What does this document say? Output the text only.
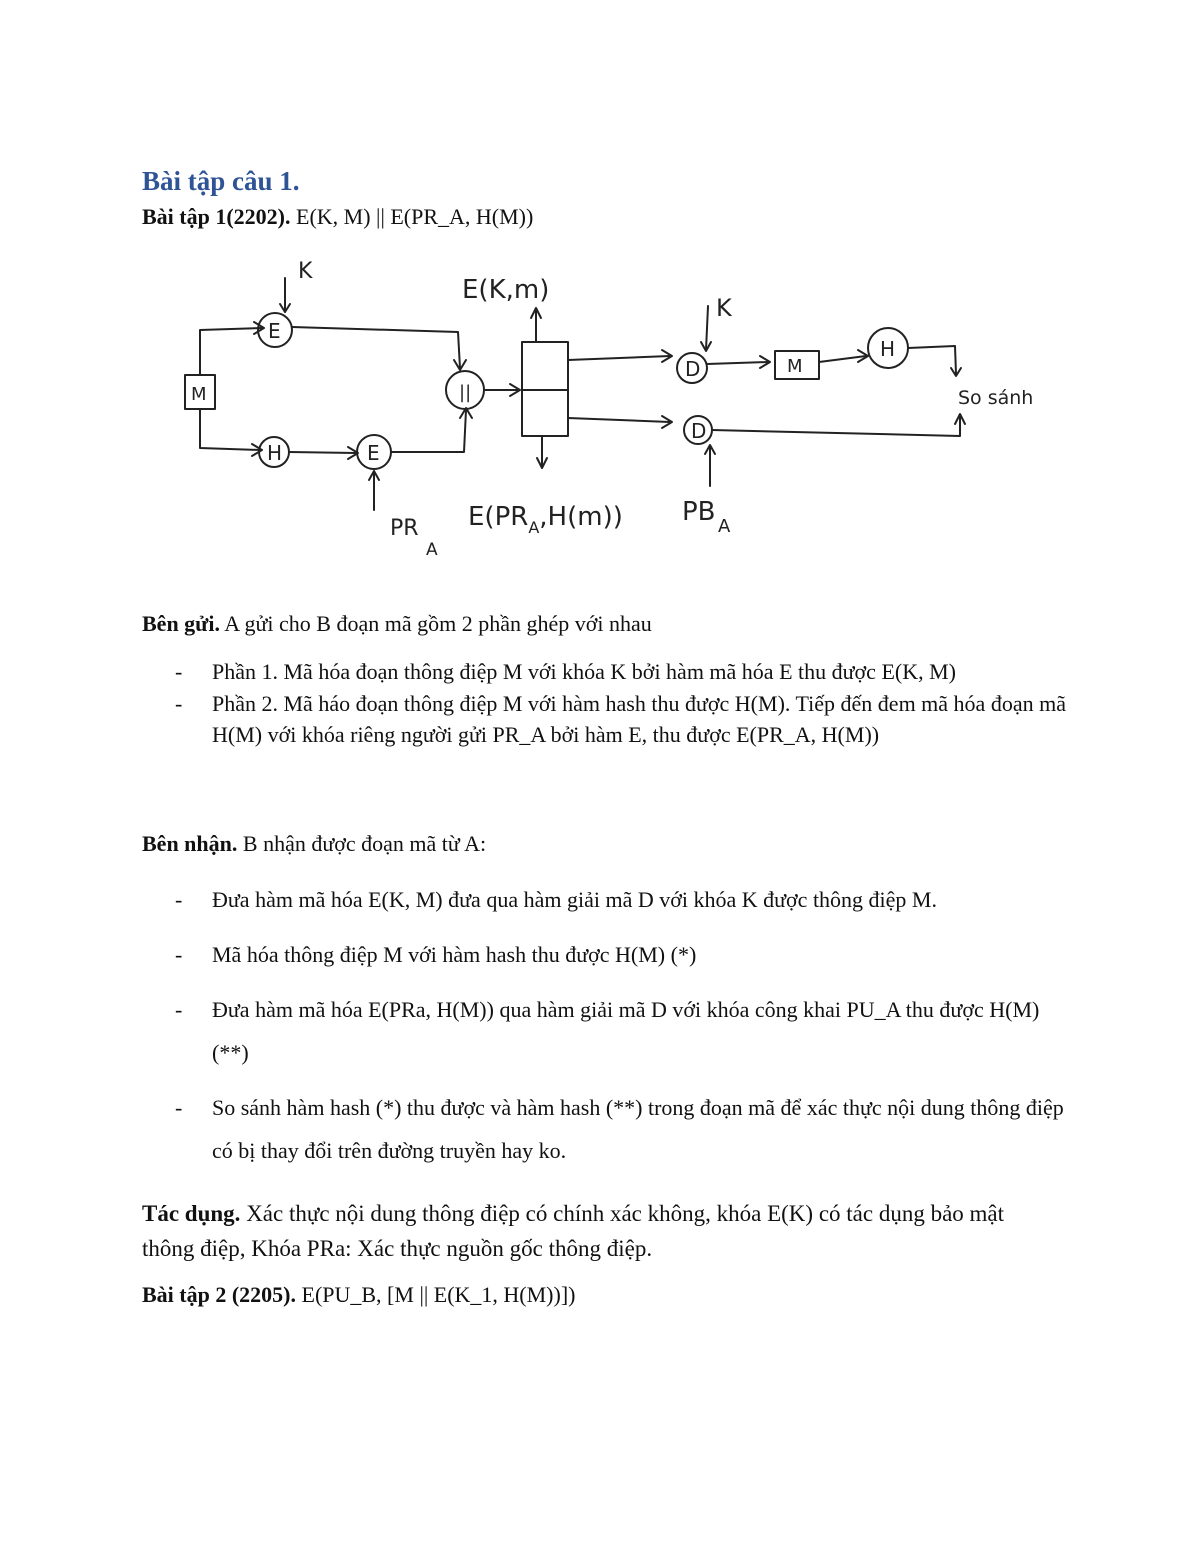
Bài tập câu 1.
Bài tập 1(2202). E(K, M) || E(PR_A, H(M))
M
E
K
H	E
PR
A
||
E(K,m)
$E(PR_A,H(m))$
D
K
M
H
D
PB A
So sánh
Bên gửi. A gửi cho B đoạn mã gồm 2 phần ghép với nhau
- Phần 1. Mã hóa đoạn thông điệp M với khóa K bởi hàm mã hóa E thu được E(K, M)
- Phần 2. Mã háo đoạn thông điệp M với hàm hash thu được H(M). Tiếp đến đem mã hóa đoạn mã H(M) với khóa riêng người gửi PR_A bởi hàm E, thu được E(PR_A, H(M))
Bên nhận. B nhận được đoạn mã từ A:
- Đưa hàm mã hóa E(K, M) đưa qua hàm giải mã D với khóa K được thông điệp M.
- Mã hóa thông điệp M với hàm hash thu được H(M) (*)
- Đưa hàm mã hóa E(PRa, H(M)) qua hàm giải mã D với khóa công khai PU_A thu được H(M) (**)
- So sánh hàm hash (*) thu được và hàm hash (**) trong đoạn mã để xác thực nội dung thông điệp có bị thay đổi trên đường truyền hay ko.
Tác dụng. Xác thực nội dung thông điệp có chính xác không, khóa E(K) có tác dụng bảo mật thông điệp, Khóa PRa: Xác thực nguồn gốc thông điệp.
Bài tập 2 (2205). E(PU_B, [M || E(K_1, H(M))])
